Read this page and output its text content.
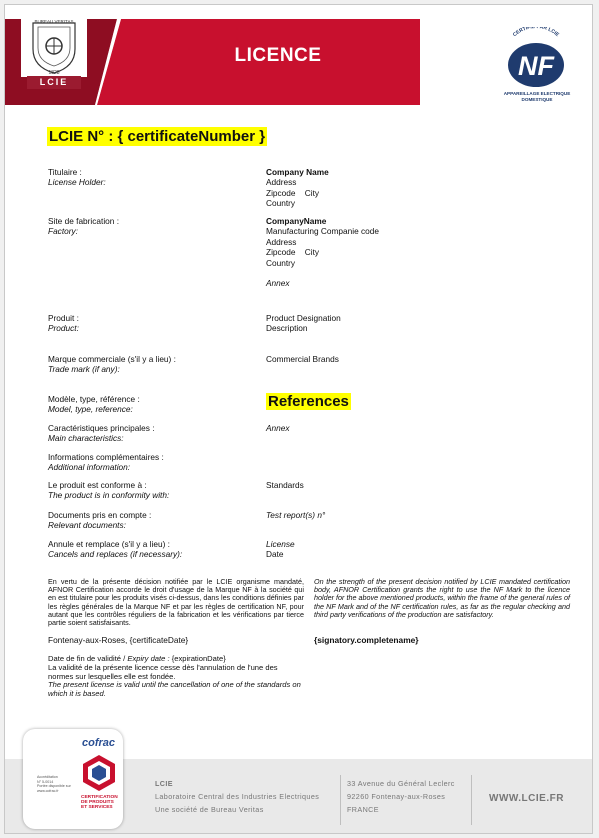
LICENCE
BUREAU VERITAS
1828
LCIE
CERTIFIÉ PAR LCIE
NF
APPAREILLAGE ELECTRIQUE
DOMESTIQUE
LCIE N° : { certificateNumber }
Titulaire :
License Holder:
Company Name
Address
Zipcode    City
Country
Site de fabrication :
Factory:
CompanyName
Manufacturing Companie code
Address
Zipcode    City
Country
Annex
Produit :
Product:
Product Designation
Description
Marque commerciale (s'il y a lieu) :
Trade mark (if any):
Commercial Brands
Modèle, type, référence :
Model, type, reference:	References
Caractéristiques principales :
Main characteristics:
Annex
Informations complémentaires :
Additional information:
Le produit est conforme à :
The product is in conformity with:
Standards
Documents pris en compte :
Relevant documents:
Test report(s) n°
Annule et remplace (s'il y a lieu) :
Cancels and replaces (if necessary):
License
Date
En vertu de la présente décision notifiée par le LCIE organisme mandaté, AFNOR Certification accorde le droit d'usage de la Marque NF à la société qui en est titulaire pour les produits visés ci-dessus, dans les conditions définies par les règles générales de la Marque NF et par les règles de certification NF, pour autant que les contrôles réguliers de la fabrication et les vérifications par tierce partie soient satisfaisants.
On the strength of the present decision notified by LCIE mandated certification body, AFNOR Certification grants the right to use the NF Mark to the licence holder for the above mentioned products, within the frame of the general rules of the NF Mark and of the NF certification rules, as far as the regular checking and third party verifications of the production are satisfactory.
Fontenay-aux-Roses, {certificateDate}	{signatory.completename}
Date de fin de validité / Expiry date : {expirationDate}
La validité de la présente licence cesse dès l'annulation de l'une des normes sur lesquelles elle est fondée.
The present license is valid until the cancellation of one of the standards on which it is based.
cofrac
Accréditation
N° 5-0014
Portée disponible sur
www.cofrac.fr
CERTIFICATION
DE PRODUITS
ET SERVICES
LCIE
Laboratoire Central des Industries Electriques
Une société de Bureau Veritas
33 Avenue du Général Leclerc
92260 Fontenay-aux-Roses
FRANCE
WWW.LCIE.FR
